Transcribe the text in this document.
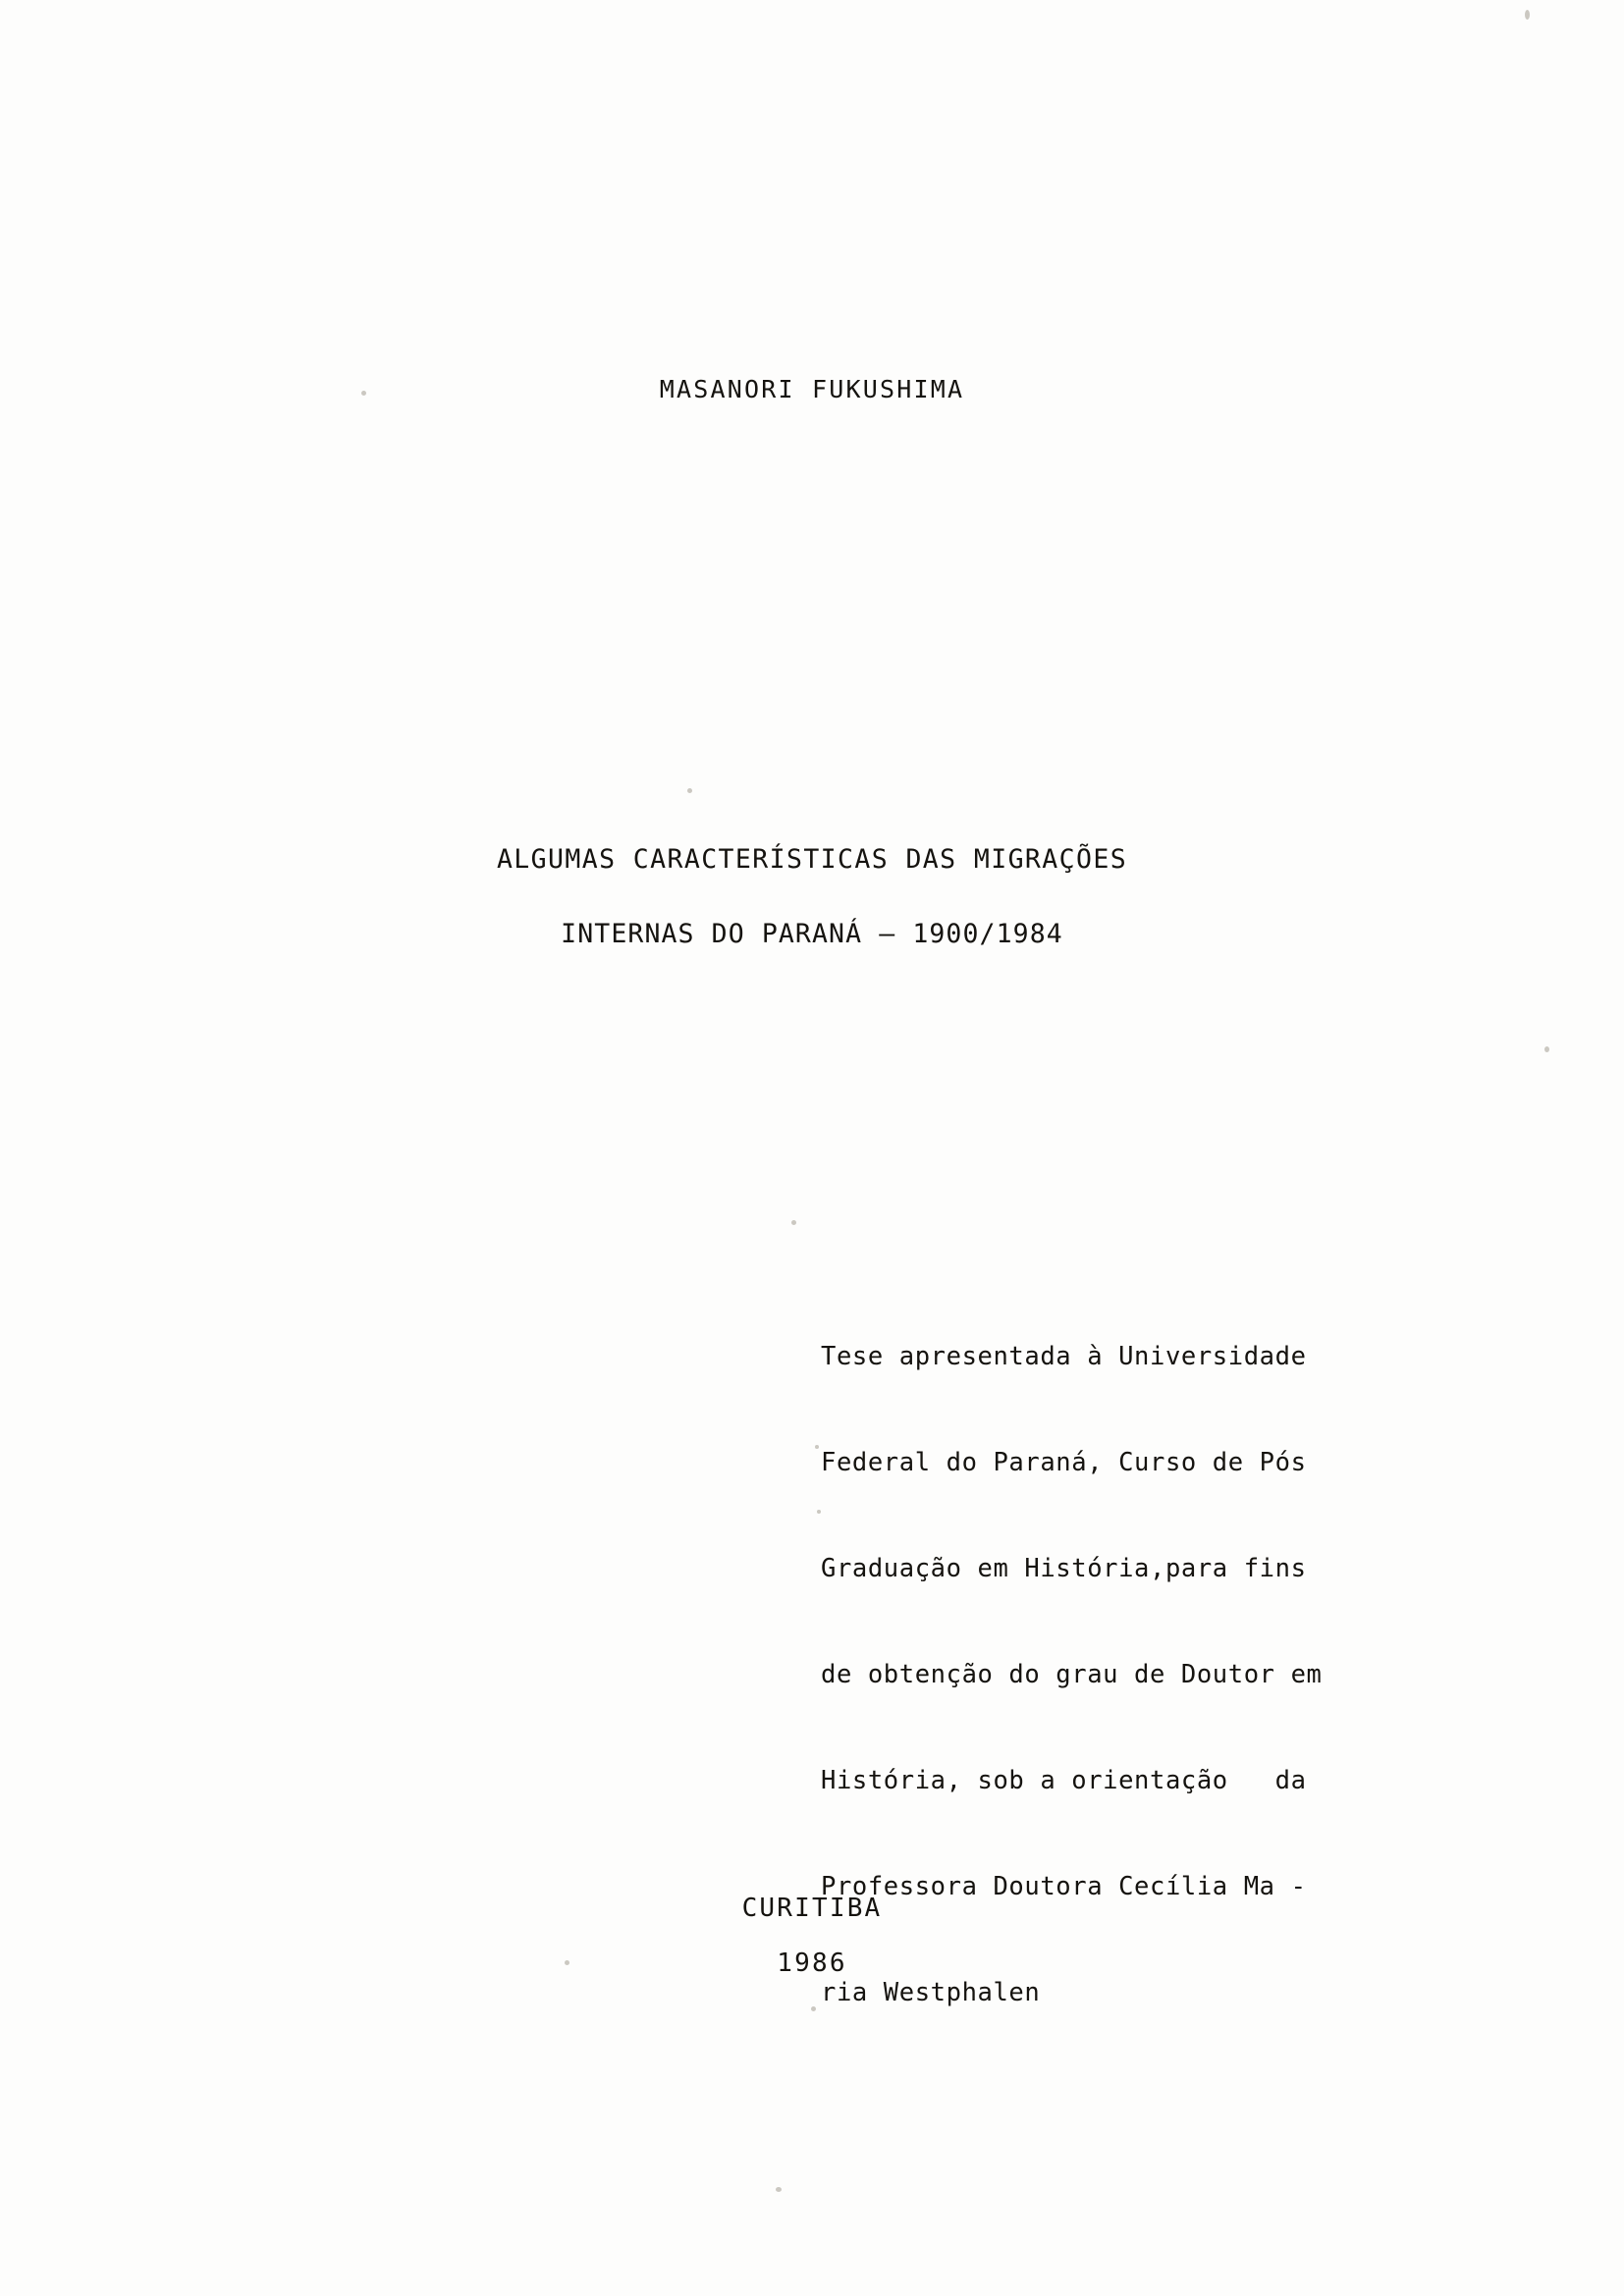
MASANORI FUKUSHIMA
ALGUMAS CARACTERÍSTICAS DAS MIGRAÇÕES
INTERNAS DO PARANÁ — 1900/1984

Tese apresentada à Universidade

Federal do Paraná, Curso de Pós

Graduação em História,para fins

de obtenção do grau de Doutor em

História, sob a orientação   da

Professora Doutora Cecília Ma -

ria Westphalen

CURITIBA
1986
